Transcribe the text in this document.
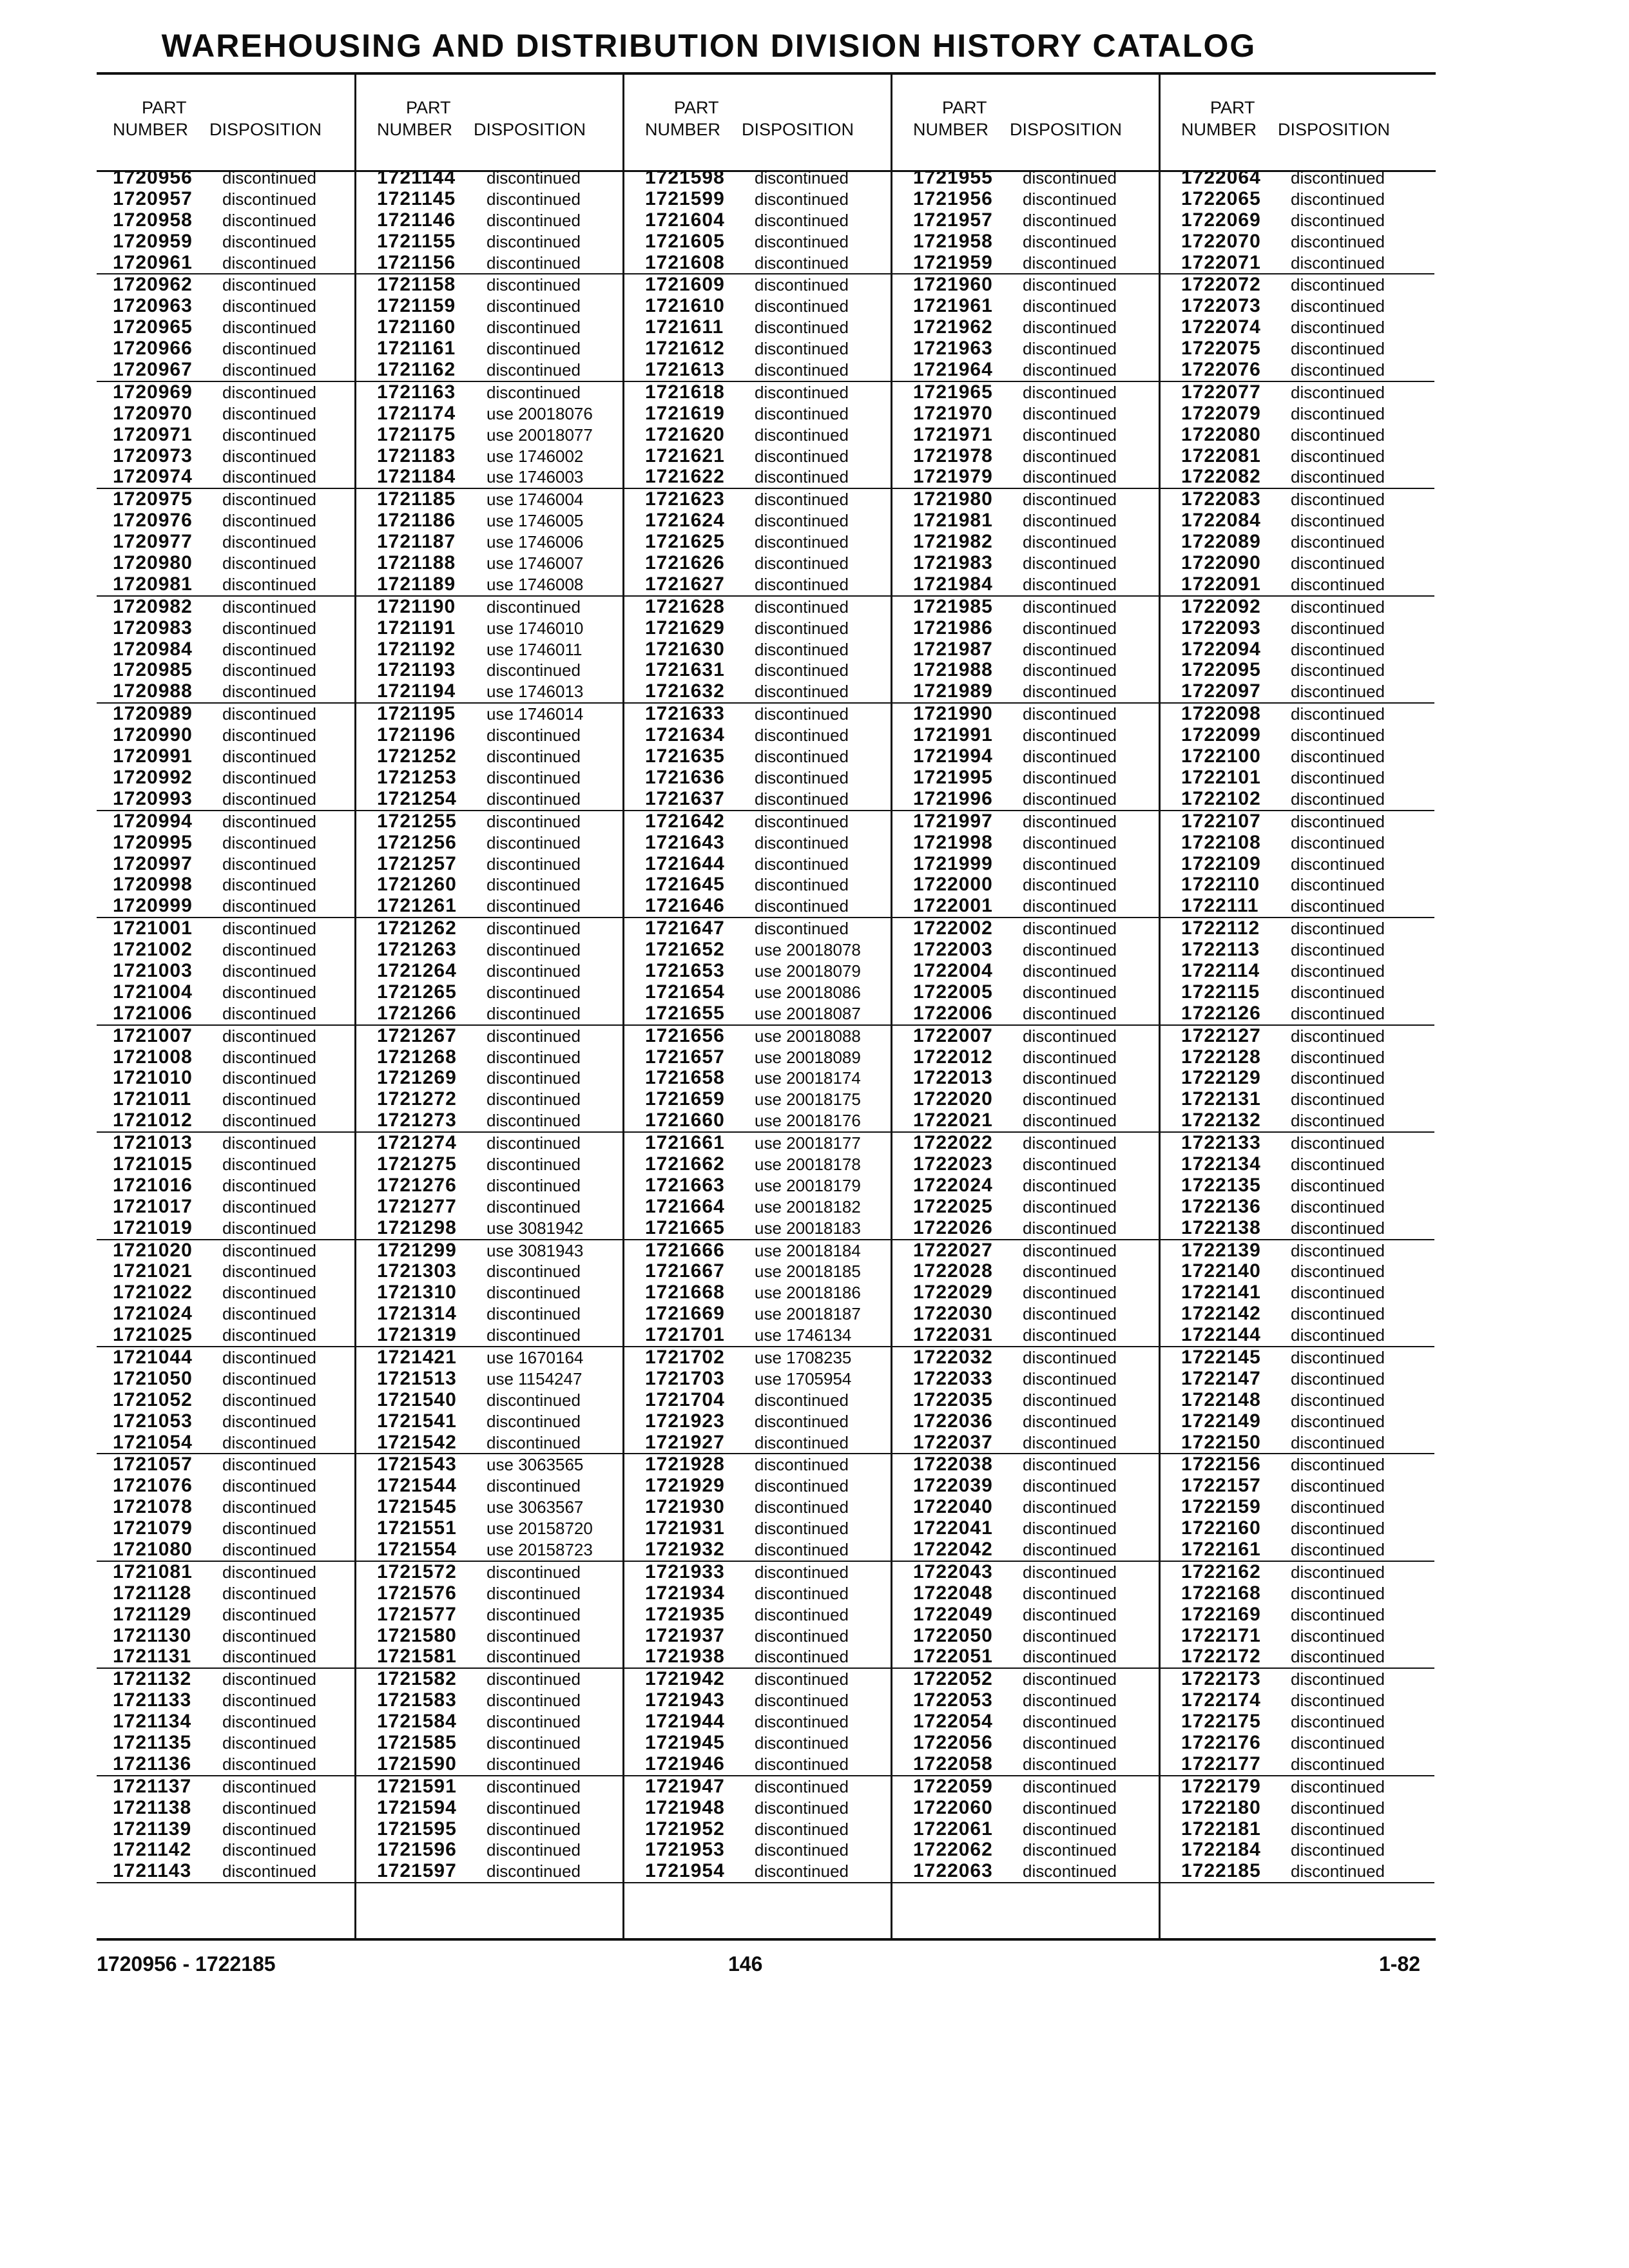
WAREHOUSING AND DISTRIBUTION DIVISION HISTORY CATALOG
PART
NUMBER DISPOSITION
1720956 discontinued
1720957 discontinued
1720958 discontinued
1720959 discontinued
1720961 discontinued
1720962 discontinued
1720963 discontinued
1720965 discontinued
1720966 discontinued
1720967 discontinued
1720969 discontinued
1720970 discontinued
1720971 discontinued
1720973 discontinued
1720974 discontinued
1720975 discontinued
1720976 discontinued
1720977 discontinued
1720980 discontinued
1720981 discontinued
1720982 discontinued
1720983 discontinued
1720984 discontinued
1720985 discontinued
1720988 discontinued
1720989 discontinued
1720990 discontinued
1720991 discontinued
1720992 discontinued
1720993 discontinued
1720994 discontinued
1720995 discontinued
1720997 discontinued
1720998 discontinued
1720999 discontinued
1721001 discontinued
1721002 discontinued
1721003 discontinued
1721004 discontinued
1721006 discontinued
1721007 discontinued
1721008 discontinued
1721010 discontinued
1721011 discontinued
1721012 discontinued
1721013 discontinued
1721015 discontinued
1721016 discontinued
1721017 discontinued
1721019 discontinued
1721020 discontinued
1721021 discontinued
1721022 discontinued
1721024 discontinued
1721025 discontinued
1721044 discontinued
1721050 discontinued
1721052 discontinued
1721053 discontinued
1721054 discontinued
1721057 discontinued
1721076 discontinued
1721078 discontinued
1721079 discontinued
1721080 discontinued
1721081 discontinued
1721128 discontinued
1721129 discontinued
1721130 discontinued
1721131 discontinued
1721132 discontinued
1721133 discontinued
1721134 discontinued
1721135 discontinued
1721136 discontinued
1721137 discontinued
1721138 discontinued
1721139 discontinued
1721142 discontinued
1721143 discontinued
PART
NUMBER DISPOSITION
1721144 discontinued
1721145 discontinued
1721146 discontinued
1721155 discontinued
1721156 discontinued
1721158 discontinued
1721159 discontinued
1721160 discontinued
1721161 discontinued
1721162 discontinued
1721163 discontinued
1721174 use 20018076
1721175 use 20018077
1721183 use 1746002
1721184 use 1746003
1721185 use 1746004
1721186 use 1746005
1721187 use 1746006
1721188 use 1746007
1721189 use 1746008
1721190 discontinued
1721191 use 1746010
1721192 use 1746011
1721193 discontinued
1721194 use 1746013
1721195 use 1746014
1721196 discontinued
1721252 discontinued
1721253 discontinued
1721254 discontinued
1721255 discontinued
1721256 discontinued
1721257 discontinued
1721260 discontinued
1721261 discontinued
1721262 discontinued
1721263 discontinued
1721264 discontinued
1721265 discontinued
1721266 discontinued
1721267 discontinued
1721268 discontinued
1721269 discontinued
1721272 discontinued
1721273 discontinued
1721274 discontinued
1721275 discontinued
1721276 discontinued
1721277 discontinued
1721298 use 3081942
1721299 use 3081943
1721303 discontinued
1721310 discontinued
1721314 discontinued
1721319 discontinued
1721421 use 1670164
1721513 use 1154247
1721540 discontinued
1721541 discontinued
1721542 discontinued
1721543 use 3063565
1721544 discontinued
1721545 use 3063567
1721551 use 20158720
1721554 use 20158723
1721572 discontinued
1721576 discontinued
1721577 discontinued
1721580 discontinued
1721581 discontinued
1721582 discontinued
1721583 discontinued
1721584 discontinued
1721585 discontinued
1721590 discontinued
1721591 discontinued
1721594 discontinued
1721595 discontinued
1721596 discontinued
1721597 discontinued
PART
NUMBER DISPOSITION
1721598 discontinued
1721599 discontinued
1721604 discontinued
1721605 discontinued
1721608 discontinued
1721609 discontinued
1721610 discontinued
1721611 discontinued
1721612 discontinued
1721613 discontinued
1721618 discontinued
1721619 discontinued
1721620 discontinued
1721621 discontinued
1721622 discontinued
1721623 discontinued
1721624 discontinued
1721625 discontinued
1721626 discontinued
1721627 discontinued
1721628 discontinued
1721629 discontinued
1721630 discontinued
1721631 discontinued
1721632 discontinued
1721633 discontinued
1721634 discontinued
1721635 discontinued
1721636 discontinued
1721637 discontinued
1721642 discontinued
1721643 discontinued
1721644 discontinued
1721645 discontinued
1721646 discontinued
1721647 discontinued
1721652 use 20018078
1721653 use 20018079
1721654 use 20018086
1721655 use 20018087
1721656 use 20018088
1721657 use 20018089
1721658 use 20018174
1721659 use 20018175
1721660 use 20018176
1721661 use 20018177
1721662 use 20018178
1721663 use 20018179
1721664 use 20018182
1721665 use 20018183
1721666 use 20018184
1721667 use 20018185
1721668 use 20018186
1721669 use 20018187
1721701 use 1746134
1721702 use 1708235
1721703 use 1705954
1721704 discontinued
1721923 discontinued
1721927 discontinued
1721928 discontinued
1721929 discontinued
1721930 discontinued
1721931 discontinued
1721932 discontinued
1721933 discontinued
1721934 discontinued
1721935 discontinued
1721937 discontinued
1721938 discontinued
1721942 discontinued
1721943 discontinued
1721944 discontinued
1721945 discontinued
1721946 discontinued
1721947 discontinued
1721948 discontinued
1721952 discontinued
1721953 discontinued
1721954 discontinued
PART
NUMBER DISPOSITION
1721955 discontinued
1721956 discontinued
1721957 discontinued
1721958 discontinued
1721959 discontinued
1721960 discontinued
1721961 discontinued
1721962 discontinued
1721963 discontinued
1721964 discontinued
1721965 discontinued
1721970 discontinued
1721971 discontinued
1721978 discontinued
1721979 discontinued
1721980 discontinued
1721981 discontinued
1721982 discontinued
1721983 discontinued
1721984 discontinued
1721985 discontinued
1721986 discontinued
1721987 discontinued
1721988 discontinued
1721989 discontinued
1721990 discontinued
1721991 discontinued
1721994 discontinued
1721995 discontinued
1721996 discontinued
1721997 discontinued
1721998 discontinued
1721999 discontinued
1722000 discontinued
1722001 discontinued
1722002 discontinued
1722003 discontinued
1722004 discontinued
1722005 discontinued
1722006 discontinued
1722007 discontinued
1722012 discontinued
1722013 discontinued
1722020 discontinued
1722021 discontinued
1722022 discontinued
1722023 discontinued
1722024 discontinued
1722025 discontinued
1722026 discontinued
1722027 discontinued
1722028 discontinued
1722029 discontinued
1722030 discontinued
1722031 discontinued
1722032 discontinued
1722033 discontinued
1722035 discontinued
1722036 discontinued
1722037 discontinued
1722038 discontinued
1722039 discontinued
1722040 discontinued
1722041 discontinued
1722042 discontinued
1722043 discontinued
1722048 discontinued
1722049 discontinued
1722050 discontinued
1722051 discontinued
1722052 discontinued
1722053 discontinued
1722054 discontinued
1722056 discontinued
1722058 discontinued
1722059 discontinued
1722060 discontinued
1722061 discontinued
1722062 discontinued
1722063 discontinued
PART
NUMBER DISPOSITION
1722064 discontinued
1722065 discontinued
1722069 discontinued
1722070 discontinued
1722071 discontinued
1722072 discontinued
1722073 discontinued
1722074 discontinued
1722075 discontinued
1722076 discontinued
1722077 discontinued
1722079 discontinued
1722080 discontinued
1722081 discontinued
1722082 discontinued
1722083 discontinued
1722084 discontinued
1722089 discontinued
1722090 discontinued
1722091 discontinued
1722092 discontinued
1722093 discontinued
1722094 discontinued
1722095 discontinued
1722097 discontinued
1722098 discontinued
1722099 discontinued
1722100 discontinued
1722101 discontinued
1722102 discontinued
1722107 discontinued
1722108 discontinued
1722109 discontinued
1722110 discontinued
1722111 discontinued
1722112 discontinued
1722113 discontinued
1722114 discontinued
1722115 discontinued
1722126 discontinued
1722127 discontinued
1722128 discontinued
1722129 discontinued
1722131 discontinued
1722132 discontinued
1722133 discontinued
1722134 discontinued
1722135 discontinued
1722136 discontinued
1722138 discontinued
1722139 discontinued
1722140 discontinued
1722141 discontinued
1722142 discontinued
1722144 discontinued
1722145 discontinued
1722147 discontinued
1722148 discontinued
1722149 discontinued
1722150 discontinued
1722156 discontinued
1722157 discontinued
1722159 discontinued
1722160 discontinued
1722161 discontinued
1722162 discontinued
1722168 discontinued
1722169 discontinued
1722171 discontinued
1722172 discontinued
1722173 discontinued
1722174 discontinued
1722175 discontinued
1722176 discontinued
1722177 discontinued
1722179 discontinued
1722180 discontinued
1722181 discontinued
1722184 discontinued
1722185 discontinued
1720956 - 1722185	146	1-82
